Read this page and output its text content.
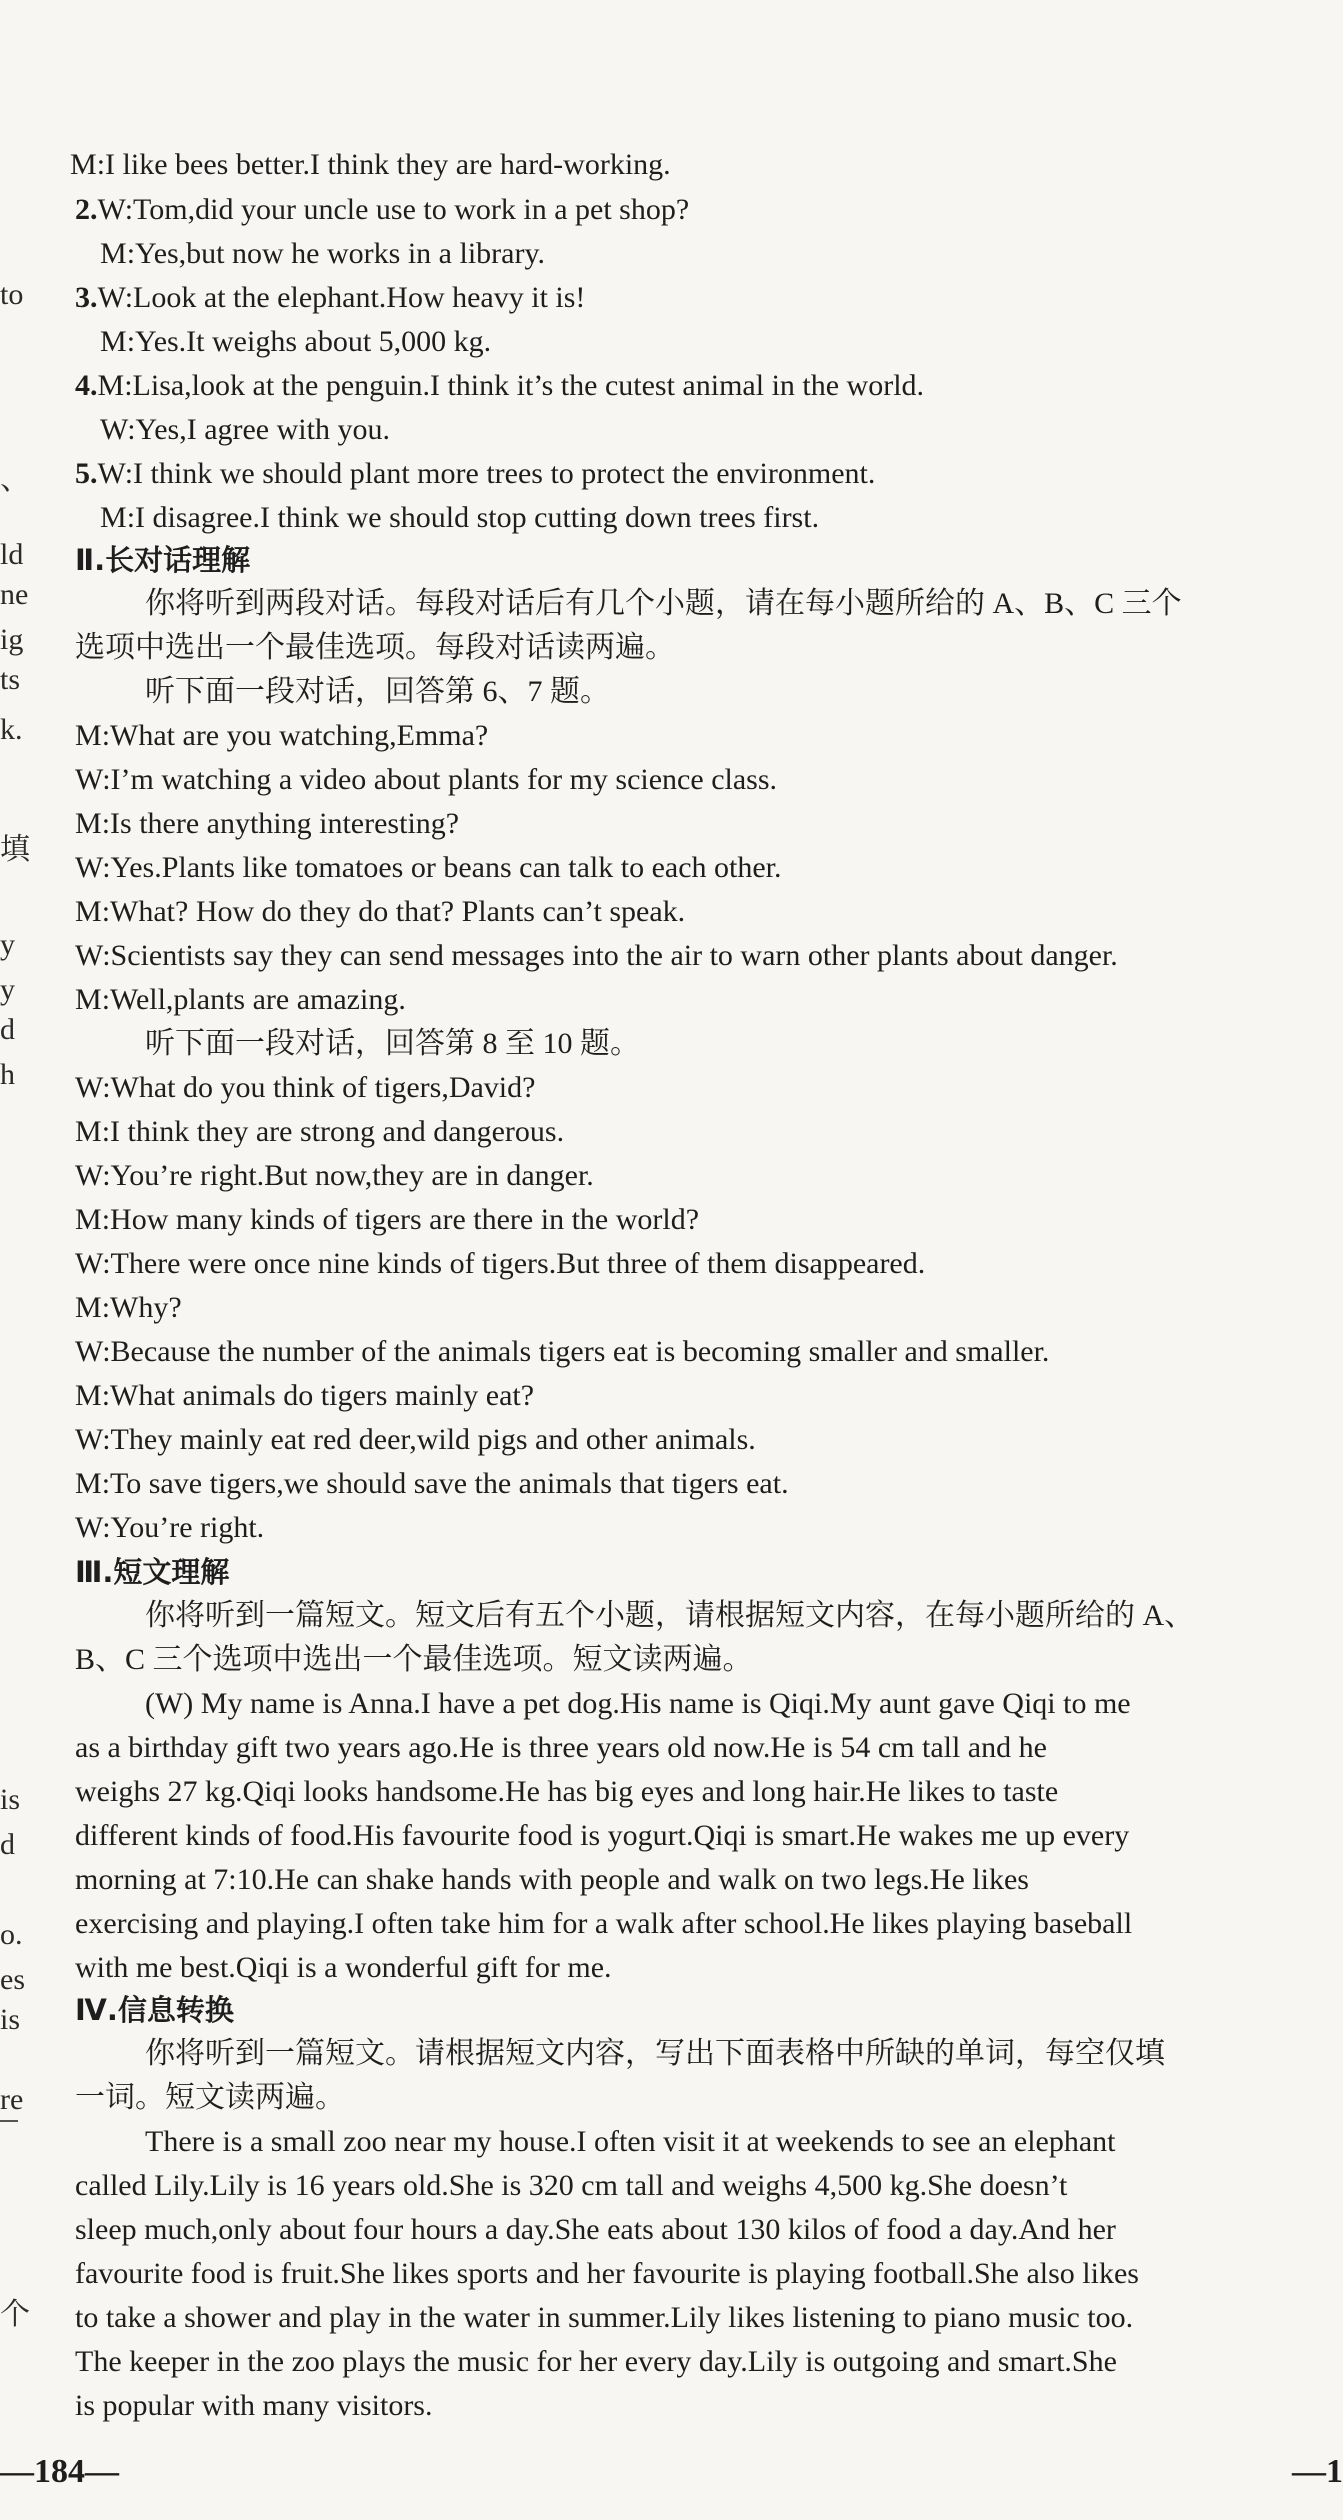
to
、
ld
ne
ig
ts
k.
填
y
y
d
h
is
d
o.
es
is
re
个
M:I like bees better.I think they are hard-working.
2.W:Tom,did your uncle use to work in a pet shop?
M:Yes,but now he works in a library.
3.W:Look at the elephant.How heavy it is!
M:Yes.It weighs about 5,000 kg.
4.M:Lisa,look at the penguin.I think it’s the cutest animal in the world.
W:Yes,I agree with you.
5.W:I think we should plant more trees to protect the environment.
M:I disagree.I think we should stop cutting down trees first.
Ⅱ.长对话理解
你将听到两段对话。每段对话后有几个小题，请在每小题所给的 A、B、C 三个
选项中选出一个最佳选项。每段对话读两遍。
听下面一段对话，回答第 6、7 题。
M:What are you watching,Emma?
W:I’m watching a video about plants for my science class.
M:Is there anything interesting?
W:Yes.Plants like tomatoes or beans can talk to each other.
M:What? How do they do that? Plants can’t speak.
W:Scientists say they can send messages into the air to warn other plants about danger.
M:Well,plants are amazing.
听下面一段对话，回答第 8 至 10 题。
W:What do you think of tigers,David?
M:I think they are strong and dangerous.
W:You’re right.But now,they are in danger.
M:How many kinds of tigers are there in the world?
W:There were once nine kinds of tigers.But three of them disappeared.
M:Why?
W:Because the number of the animals tigers eat is becoming smaller and smaller.
M:What animals do tigers mainly eat?
W:They mainly eat red deer,wild pigs and other animals.
M:To save tigers,we should save the animals that tigers eat.
W:You’re right.
Ⅲ.短文理解
你将听到一篇短文。短文后有五个小题，请根据短文内容，在每小题所给的 A、
B、C 三个选项中选出一个最佳选项。短文读两遍。
(W) My name is Anna.I have a pet dog.His name is Qiqi.My aunt gave Qiqi to me
as a birthday gift two years ago.He is three years old now.He is 54 cm tall and he
weighs 27 kg.Qiqi looks handsome.He has big eyes and long hair.He likes to taste
different kinds of food.His favourite food is yogurt.Qiqi is smart.He wakes me up every
morning at 7:10.He can shake hands with people and walk on two legs.He likes
exercising and playing.I often take him for a walk after school.He likes playing baseball
with me best.Qiqi is a wonderful gift for me.
Ⅳ.信息转换
你将听到一篇短文。请根据短文内容，写出下面表格中所缺的单词，每空仅填
一词。短文读两遍。
There is a small zoo near my house.I often visit it at weekends to see an elephant
called Lily.Lily is 16 years old.She is 320 cm tall and weighs 4,500 kg.She doesn’t
sleep much,only about four hours a day.She eats about 130 kilos of food a day.And her
favourite food is fruit.She likes sports and her favourite is playing football.She also likes
to take a shower and play in the water in summer.Lily likes listening to piano music too.
The keeper in the zoo plays the music for her every day.Lily is outgoing and smart.She
is popular with many visitors.
—184—	—1
